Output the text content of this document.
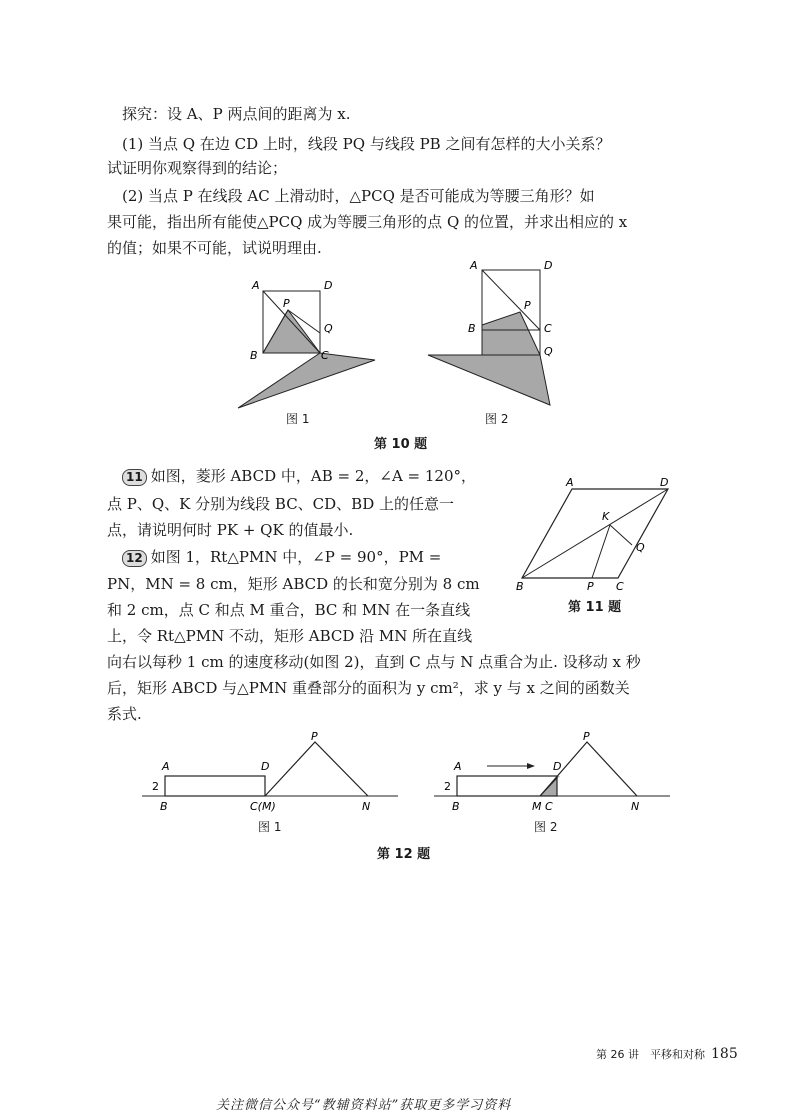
探究：设 A、P 两点间的距离为 x.
(1) 当点 Q 在边 CD 上时，线段 PQ 与线段 PB 之间有怎样的大小关系？
试证明你观察得到的结论；
(2) 当点 P 在线段 AC 上滑动时，△PCQ 是否可能成为等腰三角形？如
果可能，指出所有能使△PCQ 成为等腰三角形的点 Q 的位置，并求出相应的 x
的值；如果不可能，试说明理由.
A	D
P
Q
B	C
图 1
A	D
P
B	C
Q
图 2
第 10 题
11 如图，菱形 ABCD 中，AB = 2，∠A = 120°，
点 P、Q、K 分别为线段 BC、CD、BD 上的任意一
点，请说明何时 PK + QK 的值最小.
A	D
K
Q
B	P C
第 11 题
12 如图 1，Rt△PMN 中，∠P = 90°，PM =
PN，MN = 8 cm，矩形 ABCD 的长和宽分别为 8 cm
和 2 cm，点 C 和点 M 重合，BC 和 MN 在一条直线
上，令 Rt△PMN 不动，矩形 ABCD 沿 MN 所在直线
向右以每秒 1 cm 的速度移动(如图 2)，直到 C 点与 N 点重合为止. 设移动 x 秒
后，矩形 ABCD 与△PMN 重叠部分的面积为 y cm²，求 y 与 x 之间的函数关
系式.
A	D
P
2
B	C(M)	N
图 1
A	D
P
2
B	M C	N
图 2
第 12 题
第 26 讲　平移和对称 185
关注微信公众号“教辅资料站”获取更多学习资料
